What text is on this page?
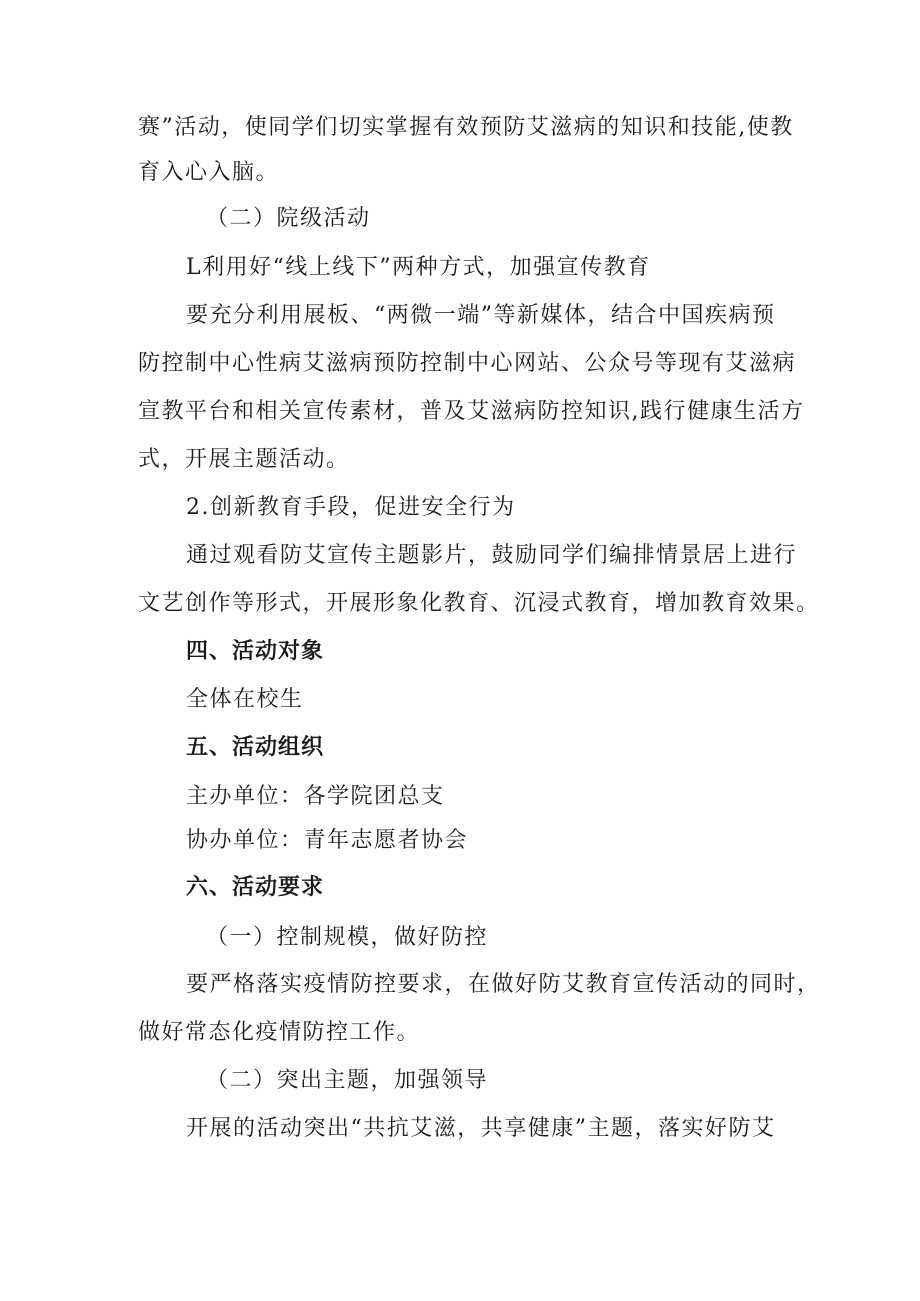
赛”活动，使同学们切实掌握有效预防艾滋病的知识和技能,使教
育入心入脑。
（二）院级活动
L利用好“线上线下”两种方式，加强宣传教育
要充分利用展板、“两微一端”等新媒体，结合中国疾病预
防控制中心性病艾滋病预防控制中心网站、公众号等现有艾滋病
宣教平台和相关宣传素材，普及艾滋病防控知识,践行健康生活方
式，开展主题活动。
2.创新教育手段，促进安全行为
通过观看防艾宣传主题影片，鼓励同学们编排情景居上进行
文艺创作等形式，开展形象化教育、沉浸式教育，增加教育效果。
四、活动对象
全体在校生
五、活动组织
主办单位：各学院团总支
协办单位：青年志愿者协会
六、活动要求
（一）控制规模，做好防控
要严格落实疫情防控要求，在做好防艾教育宣传活动的同时，
做好常态化疫情防控工作。
（二）突出主题，加强领导
开展的活动突出“共抗艾滋，共享健康”主题，落实好防艾
